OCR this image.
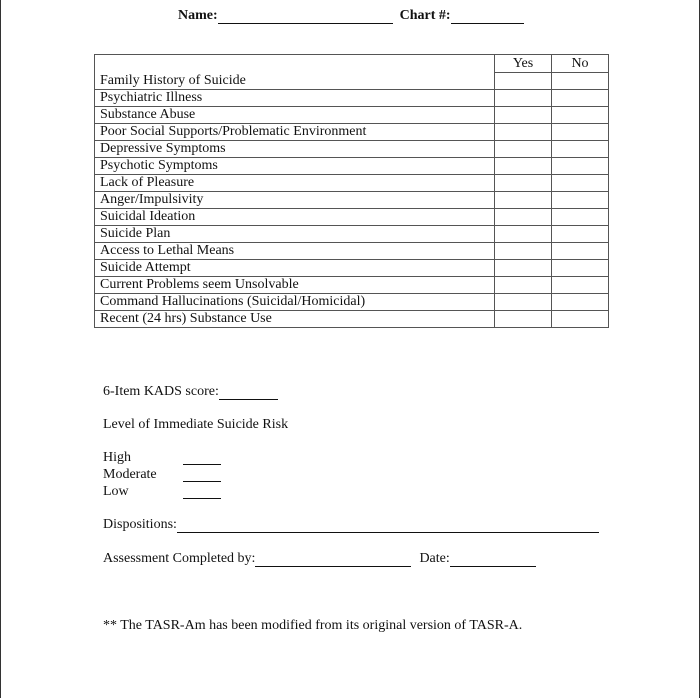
Name:	Chart #:
	Yes	No
Family History of Suicide		
Psychiatric Illness		
Substance Abuse		
Poor Social Supports/Problematic Environment		
Depressive Symptoms		
Psychotic Symptoms		
Lack of Pleasure		
Anger/Impulsivity		
Suicidal Ideation		
Suicide Plan		
Access to Lethal Means		
Suicide Attempt		
Current Problems seem Unsolvable		
Command Hallucinations (Suicidal/Homicidal)		
Recent (24 hrs) Substance Use		
6-Item KADS score:
Level of Immediate Suicide Risk
High
Moderate
Low
Dispositions:
Assessment Completed by:	Date:
** The TASR-Am has been modified from its original version of TASR-A.
